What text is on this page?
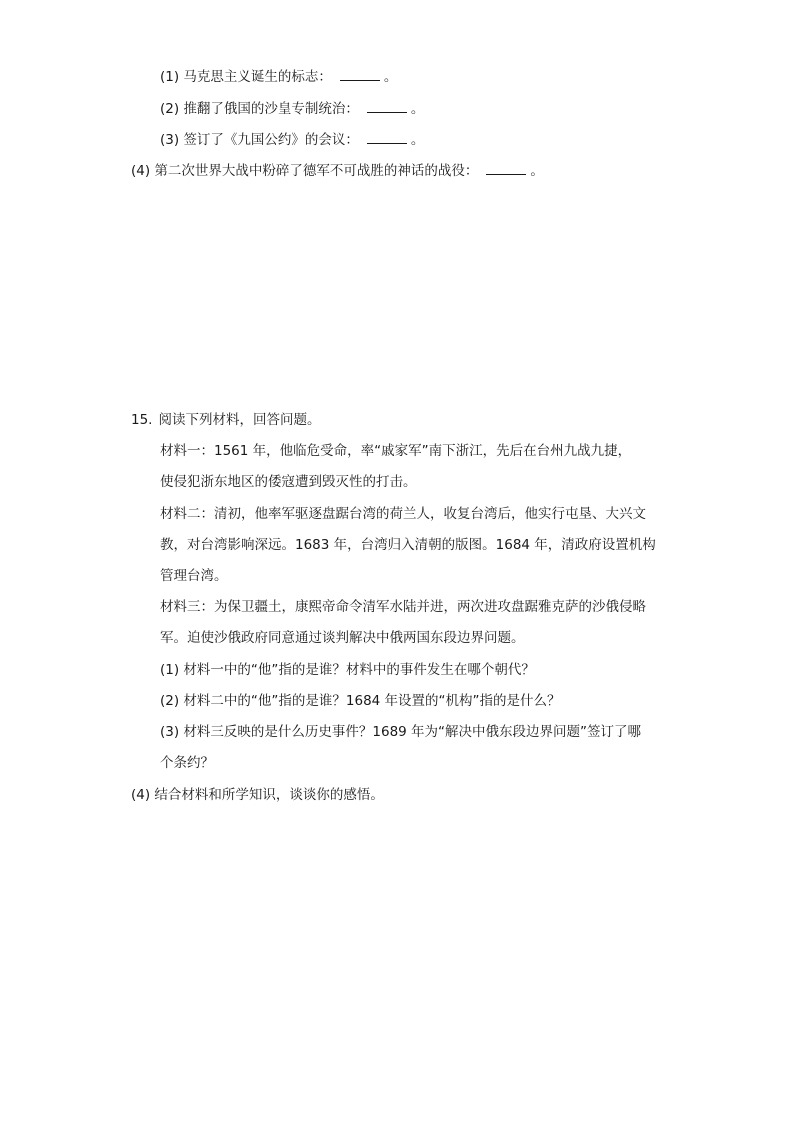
(1) 马克思主义诞生的标志：	。
(2) 推翻了俄国的沙皇专制统治：	。
(3) 签订了《九国公约》的会议：	。
(4) 第二次世界大战中粉碎了德军不可战胜的神话的战役：	。
15. 阅读下列材料，回答问题。
材料一：1561 年，他临危受命，率“戚家军”南下浙江，先后在台州九战九捷，
使侵犯浙东地区的倭寇遭到毁灭性的打击。
材料二：清初，他率军驱逐盘踞台湾的荷兰人，收复台湾后，他实行屯垦、大兴文
教，对台湾影响深远。1683 年，台湾归入清朝的版图。1684 年，清政府设置机构
管理台湾。
材料三：为保卫疆土，康熙帝命令清军水陆并进，两次进攻盘踞雅克萨的沙俄侵略
军。迫使沙俄政府同意通过谈判解决中俄两国东段边界问题。
(1) 材料一中的“他”指的是谁？材料中的事件发生在哪个朝代？
(2) 材料二中的“他”指的是谁？1684 年设置的“机构”指的是什么？
(3) 材料三反映的是什么历史事件？1689 年为“解决中俄东段边界问题”签订了哪
个条约？
(4) 结合材料和所学知识，谈谈你的感悟。
